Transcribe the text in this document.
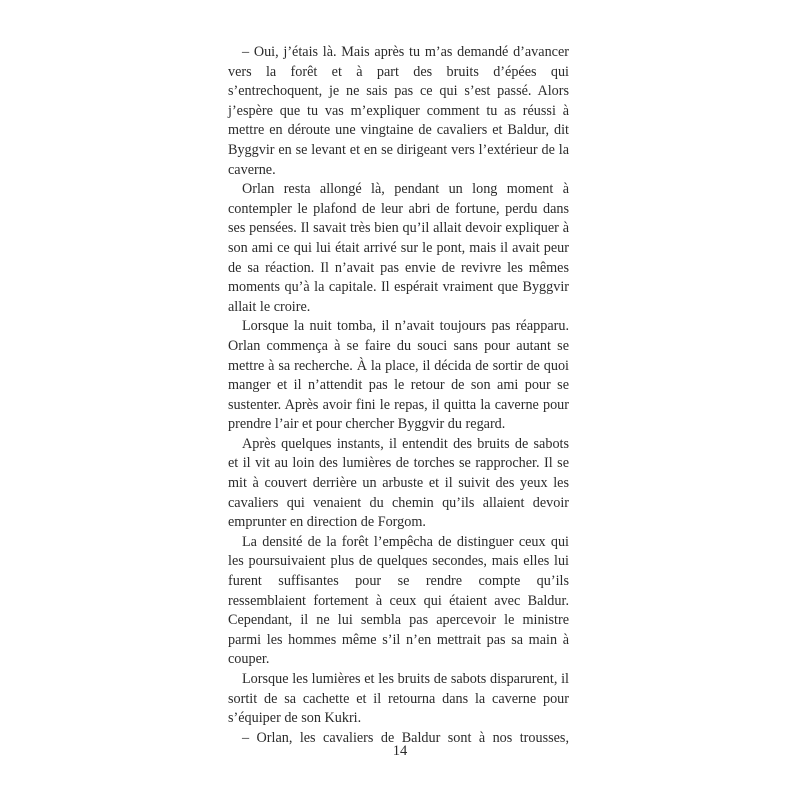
– Oui, j’étais là. Mais après tu m’as demandé d’avancer vers la forêt et à part des bruits d’épées qui s’entrechoquent, je ne sais pas ce qui s’est passé. Alors j’espère que tu vas m’expliquer comment tu as réussi à mettre en déroute une vingtaine de cavaliers et Baldur, dit Byggvir en se levant et en se dirigeant vers l’extérieur de la caverne.

Orlan resta allongé là, pendant un long moment à contempler le plafond de leur abri de fortune, perdu dans ses pensées. Il savait très bien qu’il allait devoir expliquer à son ami ce qui lui était arrivé sur le pont, mais il avait peur de sa réaction. Il n’avait pas envie de revivre les mêmes moments qu’à la capitale. Il espérait vraiment que Byggvir allait le croire.

Lorsque la nuit tomba, il n’avait toujours pas réapparu. Orlan commença à se faire du souci sans pour autant se mettre à sa recherche. À la place, il décida de sortir de quoi manger et il n’attendit pas le retour de son ami pour se sustenter. Après avoir fini le repas, il quitta la caverne pour prendre l’air et pour chercher Byggvir du regard.

Après quelques instants, il entendit des bruits de sabots et il vit au loin des lumières de torches se rapprocher. Il se mit à couvert derrière un arbuste et il suivit des yeux les cavaliers qui venaient du chemin qu’ils allaient devoir emprunter en direction de Forgom.

La densité de la forêt l’empêcha de distinguer ceux qui les poursuivaient plus de quelques secondes, mais elles lui furent suffisantes pour se rendre compte qu’ils ressemblaient fortement à ceux qui étaient avec Baldur. Cependant, il ne lui sembla pas apercevoir le ministre parmi les hommes même s’il n’en mettrait pas sa main à couper.

Lorsque les lumières et les bruits de sabots disparurent, il sortit de sa cachette et il retourna dans la caverne pour s’équiper de son Kukri.

– Orlan, les cavaliers de Baldur sont à nos trousses,

14
